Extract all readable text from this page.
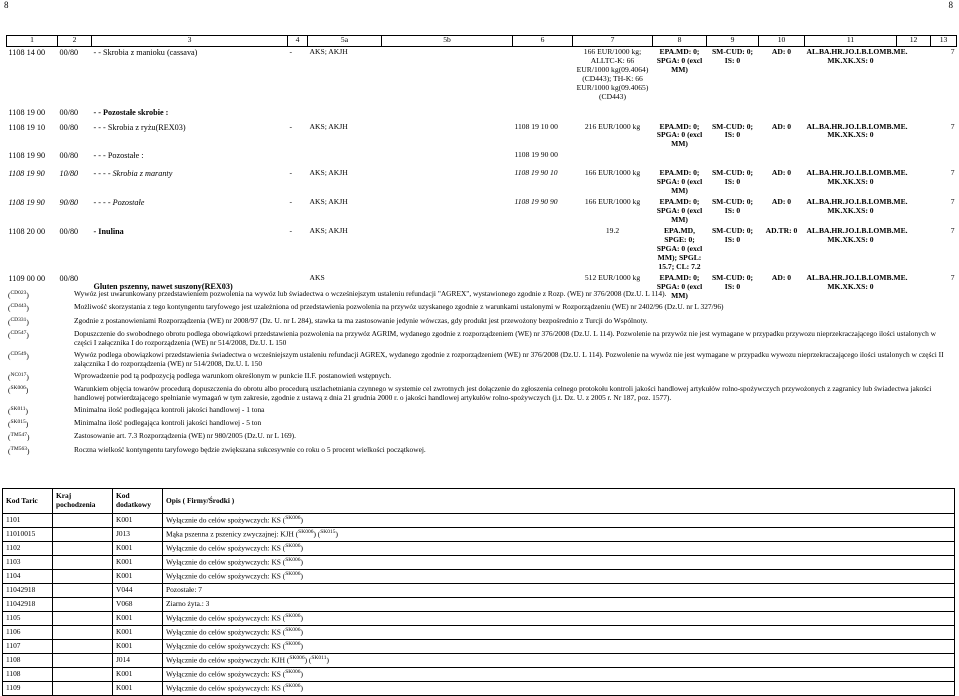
8	8
1	2	3	4	5a	5b	6	7	8	9	10	11	12	13
1108 14 00	00/80	- - Skrobia z manioku (cassava)	-	AKS; AKJH			166 EUR/1000 kg; ALLTC-K: 66 EUR/1000 kg(09.4064) (CD443); TH-K: 66 EUR/1000 kg(09.4065) (CD443)	EPA.MD: 0; SPGA: 0 (excl MM)	SM-CUD: 0; IS: 0	AD: 0	AL.BA.HR.JO.LB.LOMB.ME. MK.XK.XS: 0		7
1108 19 00	00/80	- - Pozostałe skrobie :											
1108 19 10	00/80	- - - Skrobia z ryżu(REX03)	-	AKS; AKJH		1108 19 10 00	216 EUR/1000 kg	EPA.MD: 0; SPGA: 0 (excl MM)	SM-CUD: 0; IS: 0	AD: 0	AL.BA.HR.JO.LB.LOMB.ME. MK.XK.XS: 0		7
1108 19 90	00/80	- - - Pozostałe :				1108 19 90 00							
1108 19 90	10/80	- - - - Skrobia z maranty	-	AKS; AKJH		1108 19 90 10	166 EUR/1000 kg	EPA.MD: 0; SPGA: 0 (excl MM)	SM-CUD: 0; IS: 0	AD: 0	AL.BA.HR.JO.LB.LOMB.ME. MK.XK.XS: 0		7
1108 19 90	90/80	- - - - Pozostałe	-	AKS; AKJH		1108 19 90 90	166 EUR/1000 kg	EPA.MD: 0; SPGA: 0 (excl MM)	SM-CUD: 0; IS: 0	AD: 0	AL.BA.HR.JO.LB.LOMB.ME. MK.XK.XS: 0		7
1108 20 00	00/80	- Inulina	-	AKS; AKJH			19.2	EPA.MD, SPGE: 0; SPGA: 0 (excl MM); SPGL: 15.7; CL: 7.2	SM-CUD: 0; IS: 0	AD.TR: 0	AL.BA.HR.JO.LB.LOMB.ME. MK.XK.XS: 0		7
1109 00 00	00/80	Gluten pszenny, nawet suszony(REX03)		AKS			512 EUR/1000 kg	EPA.MD: 0; SPGA: 0 (excl MM)	SM-CUD: 0; IS: 0	AD: 0	AL.BA.HR.JO.LB.LOMB.ME. MK.XK.XS: 0		7
($^{CD023}$)	Wywóz jest uwarunkowany przedstawieniem pozwolenia na wywóz lub świadectwa o wcześniejszym ustaleniu refundacji "AGREX", wystawionego zgodnie z Rozp. (WE) nr 376/2008 (Dz.U. L 114).
($^{CD443}$)	Możliwość skorzystania z tego kontyngentu taryfowego jest uzależniona od przedstawienia pozwolenia na przywóz uzyskanego zgodnie z warunkami ustalonymi w Rozporządzeniu (WE) nr 2402/96 (Dz.U. nr L 327/96)
($^{CD331}$)	Zgodnie z postanowieniami Rozporządzenia (WE) nr 2008/97 (Dz. U. nr L 284), stawka ta ma zastosowanie jedynie wówczas, gdy produkt jest przewożony bezpośrednio z Turcji do Wspólnoty.
($^{CD547}$)	Dopuszczenie do swobodnego obrotu podlega obowiązkowi przedstawienia pozwolenia na przywóz AGRIM, wydanego zgodnie z rozporządzeniem (WE) nr 376/2008 (Dz.U. L 114). Pozwolenie na przywóz nie jest wymagane w przypadku przywozu nieprzekraczającego ilości ustalonych w części I załącznika I do rozporządzenia (WE) nr 514/2008, Dz.U. L 150
($^{CD549}$)	Wywóz podlega obowiązkowi przedstawienia świadectwa o wcześniejszym ustaleniu refundacji AGREX, wydanego zgodnie z rozporządzeniem (WE) nr 376/2008 (Dz.U. L 114). Pozwolenie na wywóz nie jest wymagane w przypadku wywozu nieprzekraczającego ilości ustalonych w części II załącznika I do rozporządzenia (WE) nr 514/2008, Dz.U. L 150
($^{NC017}$)	Wprowadzenie pod tą podpozycją podlega warunkom określonym w punkcie II.F. postanowień wstępnych.
($^{SK006}$)	Warunkiem objęcia towarów procedurą dopuszczenia do obrotu albo procedurą uszlachetniania czynnego w systemie cel zwrotnych jest dołączenie do zgłoszenia celnego protokołu kontroli jakości handlowej artykułów rolno-spożywczych przywożonych z zagranicy lub świadectwa jakości handlowej potwierdzającego spełnianie wymagań w tym zakresie, zgodnie z ustawą z dnia 21 grudnia 2000 r. o jakości handlowej artykułów rolno-spożywczych (j.t. Dz. U. z 2005 r. Nr 187, poz. 1577).
($^{SK011}$)	Minimalna ilość podlegająca kontroli jakości handlowej - 1 tona
($^{SK015}$)	Minimalna ilość podlegająca kontroli jakości handlowej - 5 ton
($^{TM547}$)	Zastosowanie art. 7.3 Rozporządzenia (WE) nr 980/2005 (Dz.U. nr L 169).
($^{TM563}$)	Roczna wielkość kontyngentu taryfowego będzie zwiększana sukcesywnie co roku o 5 procent wielkości początkowej.
Kod Taric	Kraj pochodzenia	Kod dodatkowy	Opis ( Firmy/Środki )
1101		K001	Wyłącznie do celów spożywczych: KS ($^{SK006}$)
11010015		J013	Mąka pszenna z pszenicy zwyczajnej: KJH ($^{SK006}$) ($^{SK015}$)
1102		K001	Wyłącznie do celów spożywczych: KS ($^{SK006}$)
1103		K001	Wyłącznie do celów spożywczych: KS ($^{SK006}$)
1104		K001	Wyłącznie do celów spożywczych: KS ($^{SK006}$)
11042918		V044	Pozostałe: 7
11042918		V068	Ziarno żyta.: 3
1105		K001	Wyłącznie do celów spożywczych: KS ($^{SK006}$)
1106		K001	Wyłącznie do celów spożywczych: KS ($^{SK006}$)
1107		K001	Wyłącznie do celów spożywczych: KS ($^{SK006}$)
1108		J014	Wyłącznie do celów spożywczych: KJH ($^{SK006}$) ($^{SK011}$)
1108		K001	Wyłącznie do celów spożywczych: KS ($^{SK006}$)
1109		K001	Wyłącznie do celów spożywczych: KS ($^{SK006}$)
